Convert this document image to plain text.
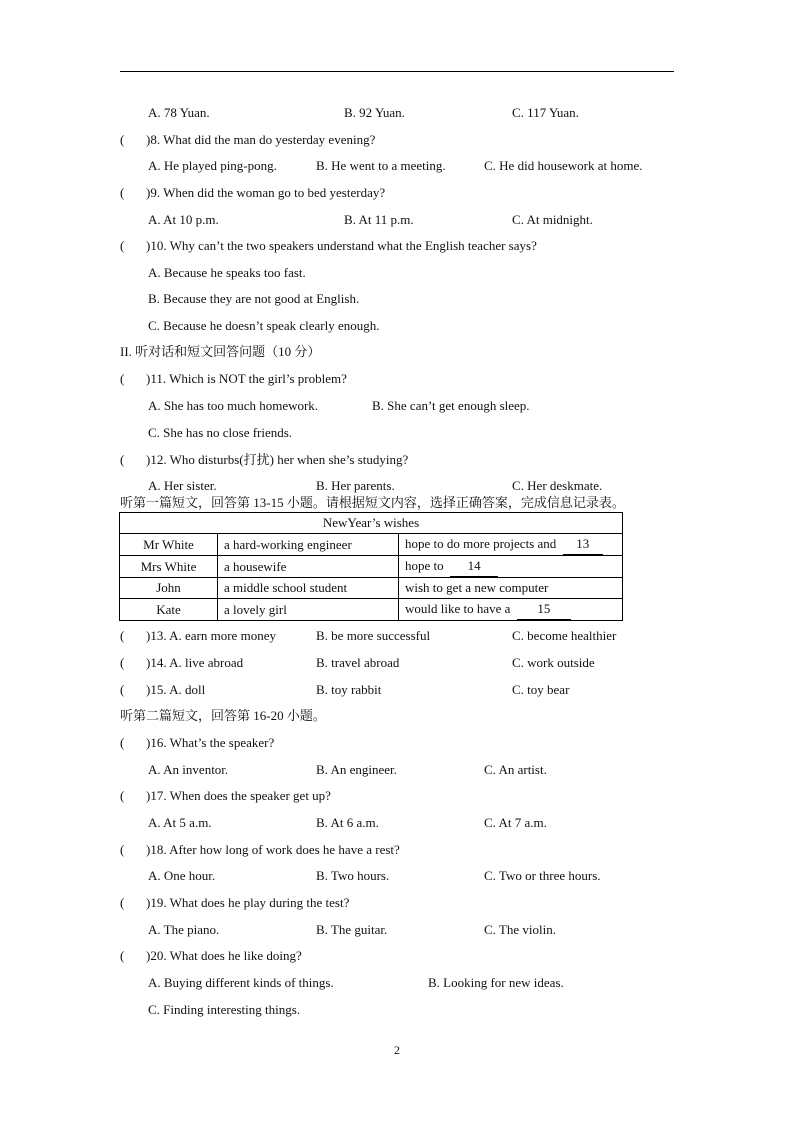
A. 78 Yuan.	B. 92 Yuan.	C. 117 Yuan.
( )8. What did the man do yesterday evening?
A. He played ping-pong.	B. He went to a meeting.	C. He did housework at home.
( )9. When did the woman go to bed yesterday?
A. At 10 p.m.	B. At 11 p.m.	C. At midnight.
( )10. Why can’t the two speakers understand what the English teacher says?
A. Because he speaks too fast.
B. Because they are not good at English.
C. Because he doesn’t speak clearly enough.
II. 听对话和短文回答问题（10 分）
( )11. Which is NOT the girl’s problem?
A. She has too much homework.	B. She can’t get enough sleep.
C. She has no close friends.
( )12. Who disturbs(打扰) her when she’s studying?
A. Her sister.	B. Her parents.	C. Her deskmate.
听第一篇短文，回答第 13-15 小题。请根据短文内容，选择正确答案，完成信息记录表。
NewYear’s wishes		
Mr White	a hard-working engineer	hope to do more projects and 13
Mrs White	a housewife	hope to 14
John	a middle school student	wish to get a new computer
Kate	a lovely girl	would like to have a 15
( )13. A. earn more money	B. be more successful	C. become healthier
( )14. A. live abroad	B. travel abroad	C. work outside
( )15. A. doll	B. toy rabbit	C. toy bear
听第二篇短文，回答第 16-20 小题。
( )16. What’s the speaker?
A. An inventor.	B. An engineer.	C. An artist.
( )17. When does the speaker get up?
A. At 5 a.m.	B. At 6 a.m.	C. At 7 a.m.
( )18. After how long of work does he have a rest?
A. One hour.	B. Two hours.	C. Two or three hours.
( )19. What does he play during the test?
A. The piano.	B. The guitar.	C. The violin.
( )20. What does he like doing?
A. Buying different kinds of things.	B. Looking for new ideas.
C. Finding interesting things.
2
